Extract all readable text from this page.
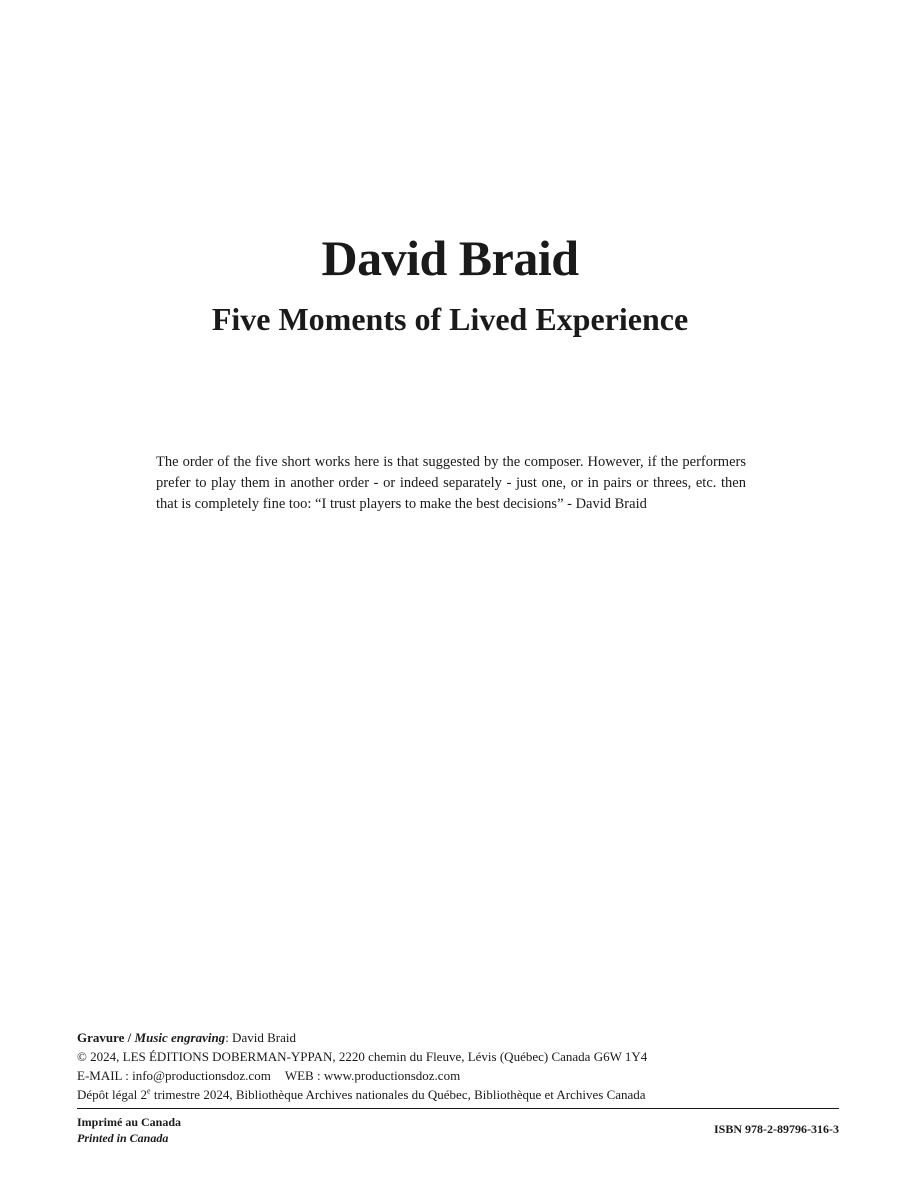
David Braid
Five Moments of Lived Experience

The order of the five short works here is that suggested by the composer. However, if the performers prefer to play them in another order - or indeed separately - just one, or in pairs or threes, etc. then that is completely fine too: “I trust players to make the best decisions” - David Braid

Gravure / Music engraving: David Braid
© 2024, LES ÉDITIONS DOBERMAN-YPPAN, 2220 chemin du Fleuve, Lévis (Québec) Canada G6W 1Y4
E-MAIL : info@productionsdoz.com WEB : www.productionsdoz.com
Dépôt légal 2e trimestre 2024, Bibliothèque Archives nationales du Québec, Bibliothèque et Archives Canada
Imprimé au Canada
Printed in Canada
ISBN 978-2-89796-316-3
